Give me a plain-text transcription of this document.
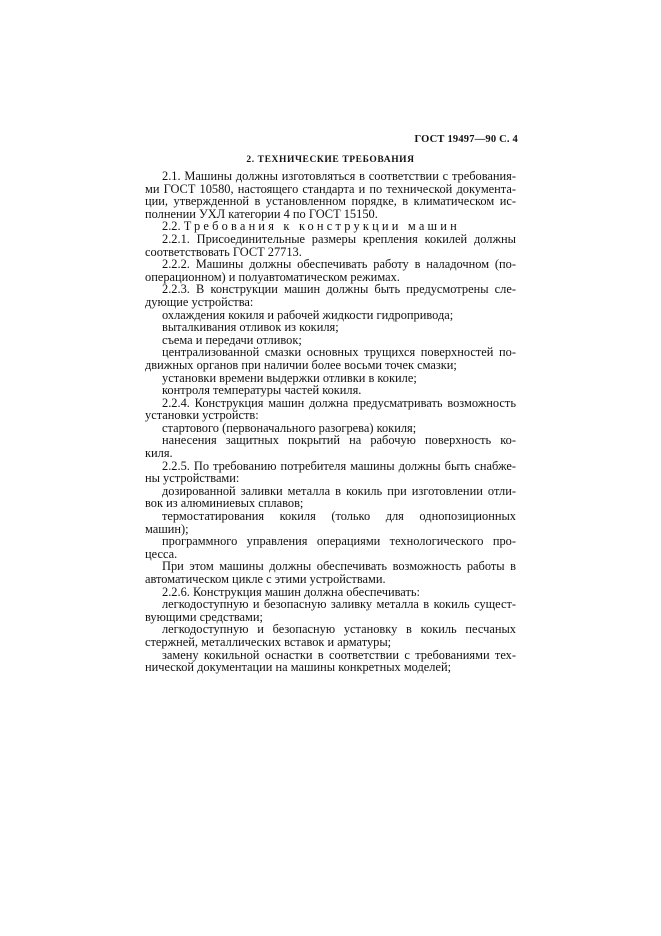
ГОСТ 19497—90 С. 4
2. ТЕХНИЧЕСКИЕ ТРЕБОВАНИЯ

2.1. Машины должны изготовляться в соответствии с требования-
ми ГОСТ 10580, настоящего стандарта и по технической документа-
ции, утвержденной в установленном порядке, в климатическом ис-
полнении УХЛ категории 4 по ГОСТ 15150.

2.2. Требования к конструкции машин

2.2.1. Присоединительные размеры крепления кокилей должны
соответствовать ГОСТ 27713.

2.2.2. Машины должны обеспечивать работу в наладочном (по-
операционном) и полуавтоматическом режимах.

2.2.3. В конструкции машин должны быть предусмотрены сле-
дующие устройства:
охлаждения кокиля и рабочей жидкости гидропривода;
выталкивания отливок из кокиля;
съема и передачи отливок;
централизованной смазки основных трущихся поверхностей по-
движных органов при наличии более восьми точек смазки;
установки времени выдержки отливки в кокиле;
контроля температуры частей кокиля.

2.2.4. Конструкция машин должна предусматривать возможность
установки устройств:
стартового (первоначального разогрева) кокиля;
нанесения защитных покрытий на рабочую поверхность ко-
киля.

2.2.5. По требованию потребителя машины должны быть снабже-
ны устройствами:
дозированной заливки металла в кокиль при изготовлении отли-
вок из алюминиевых сплавов;
термостатирования кокиля (только для однопозиционных
машин);
программного управления операциями технологического про-
цесса.
При этом машины должны обеспечивать возможность работы в
автоматическом цикле с этими устройствами.

2.2.6. Конструкция машин должна обеспечивать:
легкодоступную и безопасную заливку металла в кокиль сущест-
вующими средствами;
легкодоступную и безопасную установку в кокиль песчаных
стержней, металлических вставок и арматуры;
замену кокильной оснастки в соответствии с требованиями тех-
нической документации на машины конкретных моделей;
